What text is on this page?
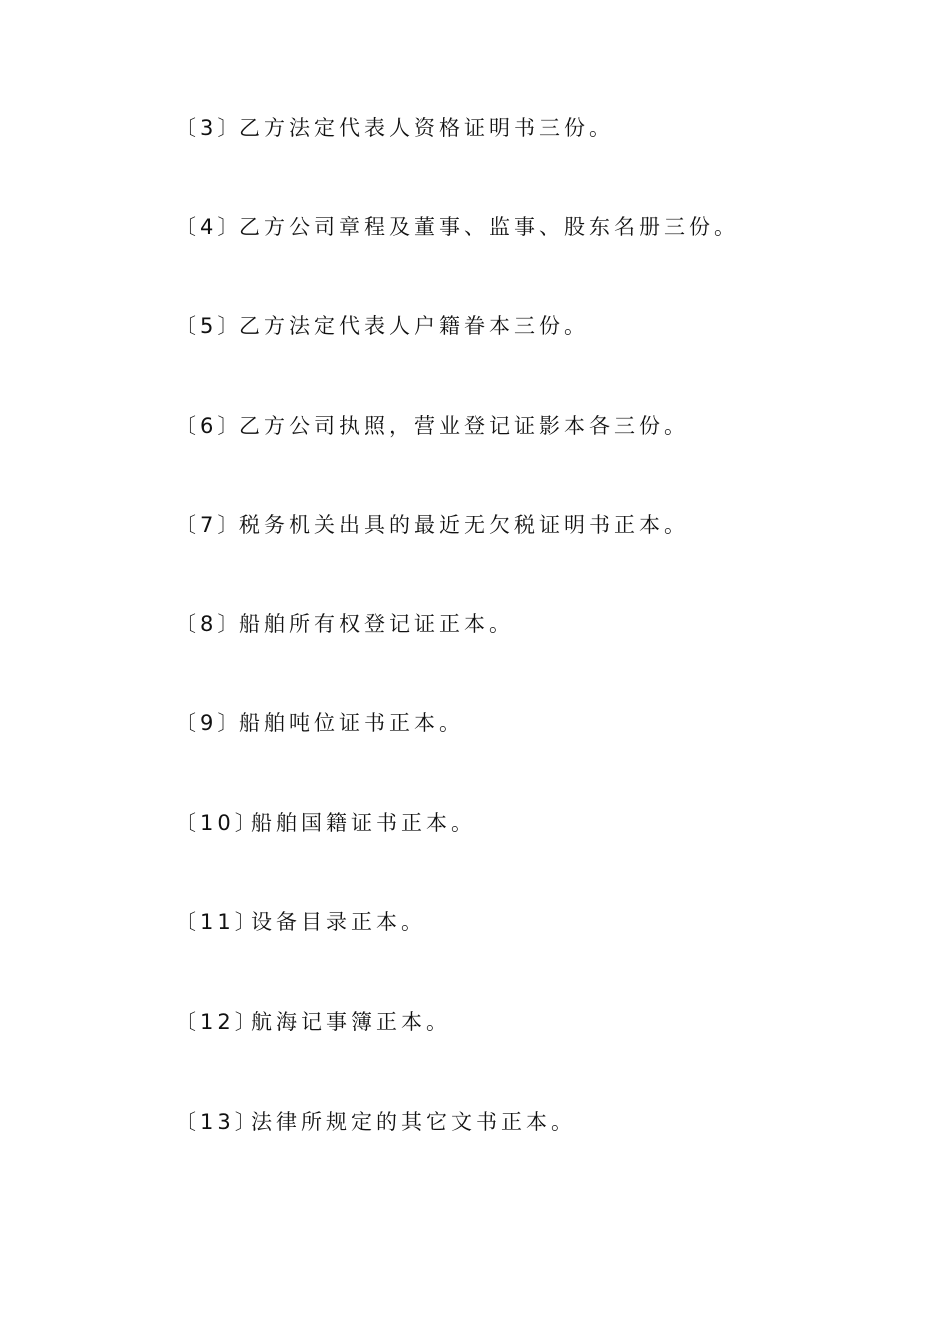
〔3〕乙方法定代表人资格证明书三份。
〔4〕乙方公司章程及董事、监事、股东名册三份。
〔5〕乙方法定代表人户籍眷本三份。
〔6〕乙方公司执照，营业登记证影本各三份。
〔7〕税务机关出具的最近无欠税证明书正本。
〔8〕船舶所有权登记证正本。
〔9〕船舶吨位证书正本。
〔10〕船舶国籍证书正本。
〔11〕设备目录正本。
〔12〕航海记事簿正本。
〔13〕法律所规定的其它文书正本。
